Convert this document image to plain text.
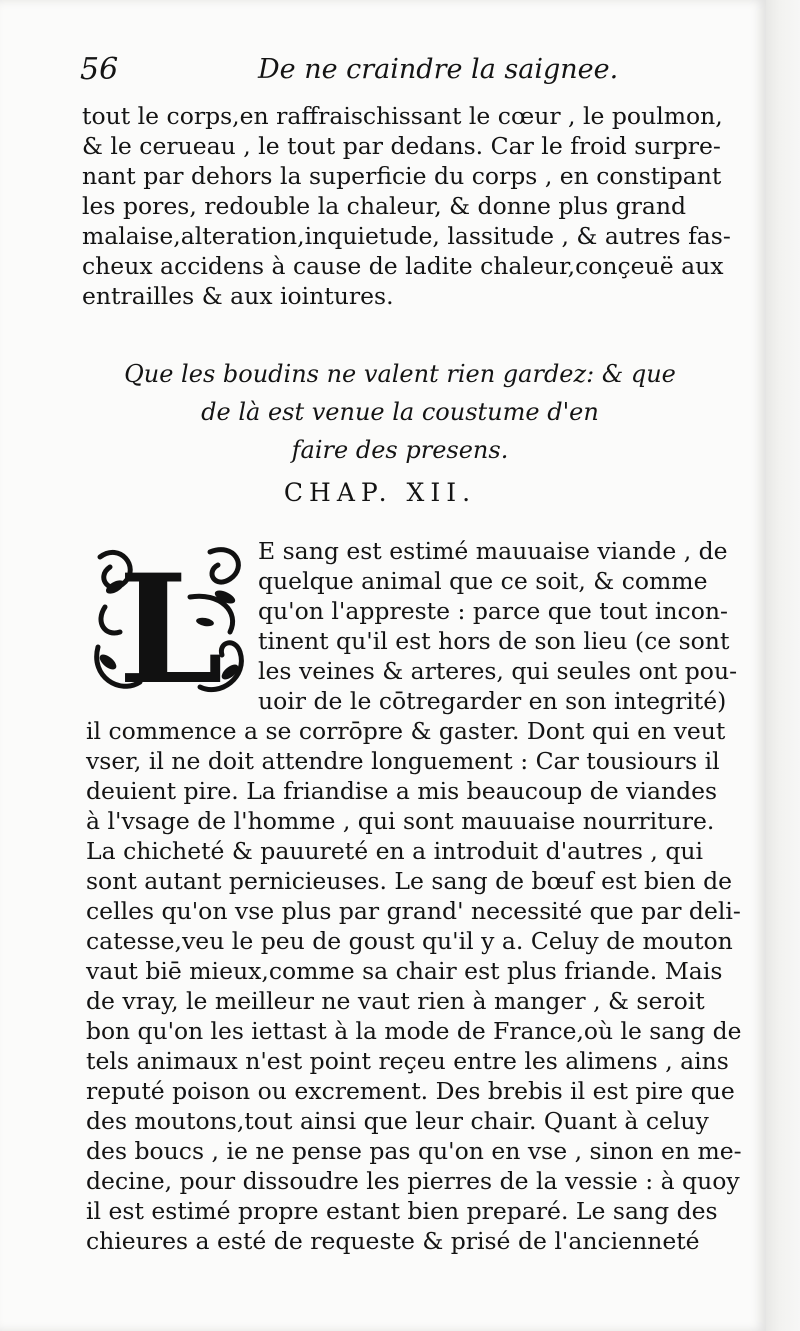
56	De ne craindre la saignee.
tout le corps,en raffraischissant le cœur , le poulmon,
& le cerueau , le tout par dedans. Car le froid surpre-
nant par dehors la superficie du corps , en constipant
les pores, redouble la chaleur, & donne plus grand
malaise,alteration,inquietude, lassitude , & autres fas-
cheux accidens à cause de ladite chaleur,conçeuë aux
entrailles & aux iointures.
Que les boudins ne valent rien gardez: & que
de là est venue la coustume d'en
faire des presens.
CHAP. XII.
L E sang est estimé mauuaise viande , de
quelque animal que ce soit, & comme
qu'on l'appreste : parce que tout incon-
tinent qu'il est hors de son lieu (ce sont
les veines & arteres, qui seules ont pou-
uoir de le cōtregarder en son integrité)
il commence a se corrōpre & gaster. Dont qui en veut
vser, il ne doit attendre longuement : Car tousiours il
deuient pire. La friandise a mis beaucoup de viandes
à l'vsage de l'homme , qui sont mauuaise nourriture.
La chicheté & pauureté en a introduit d'autres , qui
sont autant pernicieuses. Le sang de bœuf est bien de
celles qu'on vse plus par grand' necessité que par deli-
catesse,veu le peu de goust qu'il y a. Celuy de mouton
vaut biē mieux,comme sa chair est plus friande. Mais
de vray, le meilleur ne vaut rien à manger , & seroit
bon qu'on les iettast à la mode de France,où le sang de
tels animaux n'est point reçeu entre les alimens , ains
reputé poison ou excrement. Des brebis il est pire que
des moutons,tout ainsi que leur chair. Quant à celuy
des boucs , ie ne pense pas qu'on en vse , sinon en me-
decine, pour dissoudre les pierres de la vessie : à quoy
il est estimé propre estant bien preparé. Le sang des
chieures a esté de requeste & prisé de l'ancienneté
